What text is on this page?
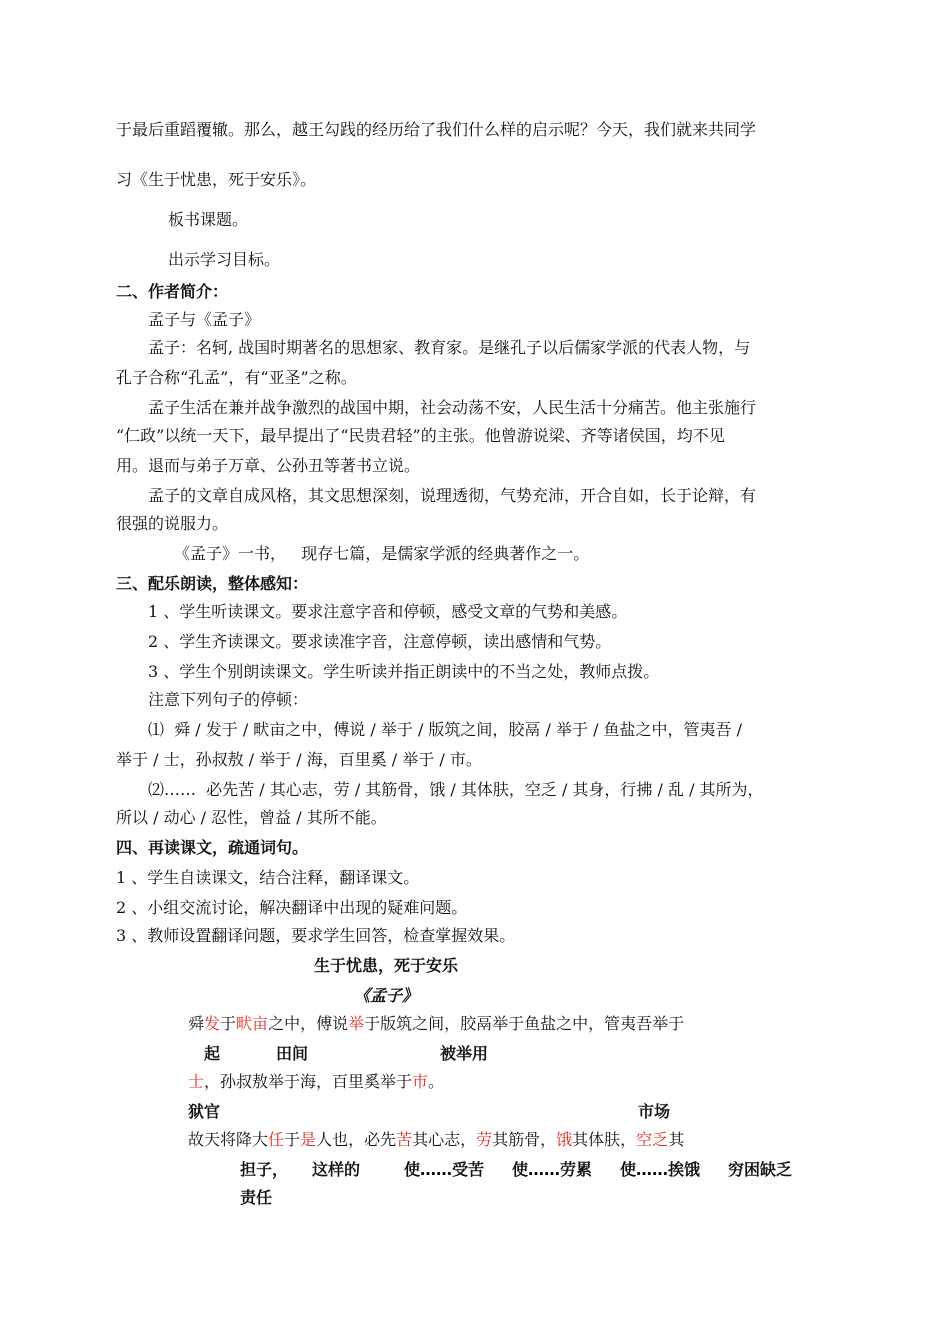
于最后重蹈覆辙。那么，越王勾践的经历给了我们什么样的启示呢？今天，我们就来共同学
习《生于忧患，死于安乐》。
板书课题。
出示学习目标。
二、作者简介：
孟子与《孟子》
孟子：名轲, 战国时期著名的思想家、教育家。是继孔子以后儒家学派的代表人物，与
孔子合称“孔孟”，有“亚圣”之称。
孟子生活在兼并战争激烈的战国中期，社会动荡不安，人民生活十分痛苦。他主张施行
“仁政”以统一天下，最早提出了“民贵君轻”的主张。他曾游说梁、齐等诸侯国，均不见
用。退而与弟子万章、公孙丑等著书立说。
孟子的文章自成风格，其文思想深刻，说理透彻，气势充沛，开合自如，长于论辩，有
很强的说服力。
《孟子》一书，   现存七篇，是儒家学派的经典著作之一。
三、配乐朗读，整体感知：
1 、学生听读课文。要求注意字音和停顿，感受文章的气势和美感。
2 、学生齐读课文。要求读准字音，注意停顿，读出感情和气势。
3 、学生个别朗读课文。学生听读并指正朗读中的不当之处，教师点拨。
注意下列句子的停顿：
⑴  舜 / 发于 / 畎亩之中，傅说 / 举于 / 版筑之间，胶鬲 / 举于 / 鱼盐之中，管夷吾 /
举于 / 士，孙叔敖 / 举于 / 海，百里奚 / 举于 / 市。
⑵……  必先苦 / 其心志，劳 / 其筋骨，饿 / 其体肤，空乏 / 其身，行拂 / 乱 / 其所为，
所以 / 动心 / 忍性，曾益 / 其所不能。
四、再读课文，疏通词句。
1 、学生自读课文，结合注释，翻译课文。
2 、小组交流讨论，解决翻译中出现的疑难问题。
3 、教师设置翻译问题，要求学生回答，检查掌握效果。
生于忧患，死于安乐
《孟子》
舜发于畎亩之中，傅说举于版筑之间，胶鬲举于鱼盐之中，管夷吾举于
起	田间	被举用
士，孙叔敖举于海，百里奚举于市。
狱官	市场
故天将降大任于是人也，必先苦其心志，劳其筋骨，饿其体肤，空乏其
担子， 这样的	使……受苦 使……劳累 使……挨饿 穷困缺乏
责任
